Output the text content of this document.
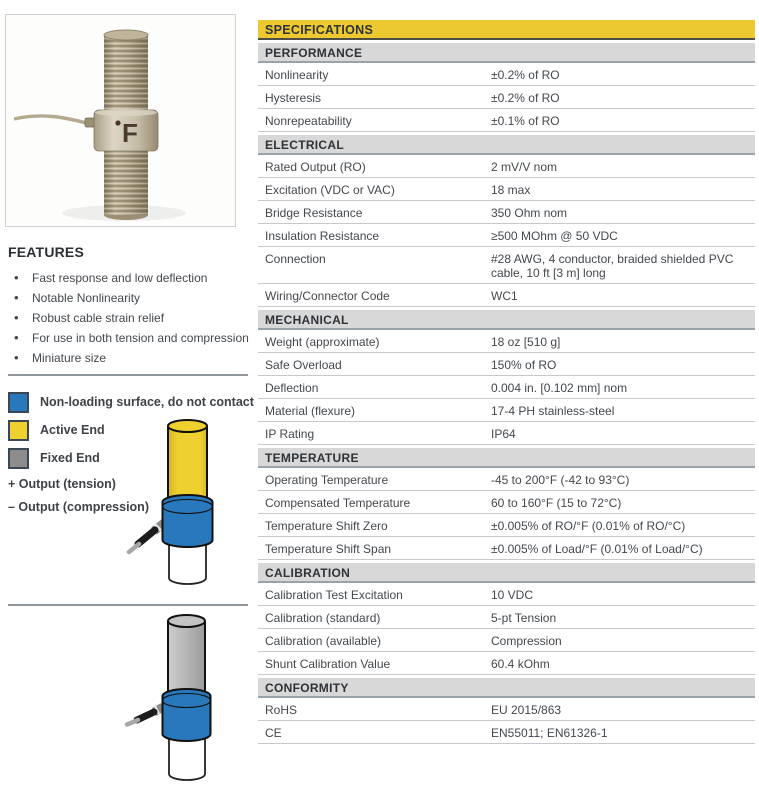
F
FEATURES
• Fast response and low deflection
• Notable Nonlinearity
• Robust cable strain relief
• For use in both tension and compression
• Miniature size
Non-loading surface, do not contact
Active End
Fixed End
+ Output (tension)
– Output (compression)
SPECIFICATIONS
PERFORMANCE
Nonlinearity	±0.2% of RO
Hysteresis	±0.2% of RO
Nonrepeatability	±0.1% of RO
ELECTRICAL
Rated Output (RO)	2 mV/V nom
Excitation (VDC or VAC)	18 max
Bridge Resistance	350 Ohm nom
Insulation Resistance	≥500 MOhm @ 50 VDC
Connection	#28 AWG, 4 conductor, braided shielded PVC cable, 10 ft [3 m] long
Wiring/Connector Code	WC1
MECHANICAL
Weight (approximate)	18 oz [510 g]
Safe Overload	150% of RO
Deflection	0.004 in. [0.102 mm] nom
Material (flexure)	17-4 PH stainless-steel
IP Rating	IP64
TEMPERATURE
Operating Temperature	-45 to 200°F (-42 to 93°C)
Compensated Temperature	60 to 160°F (15 to 72°C)
Temperature Shift Zero	±0.005% of RO/°F (0.01% of RO/°C)
Temperature Shift Span	±0.005% of Load/°F (0.01% of Load/°C)
CALIBRATION
Calibration Test Excitation	10 VDC
Calibration (standard)	5-pt Tension
Calibration (available)	Compression
Shunt Calibration Value	60.4 kOhm
CONFORMITY
RoHS	EU 2015/863
CE	EN55011; EN61326-1
